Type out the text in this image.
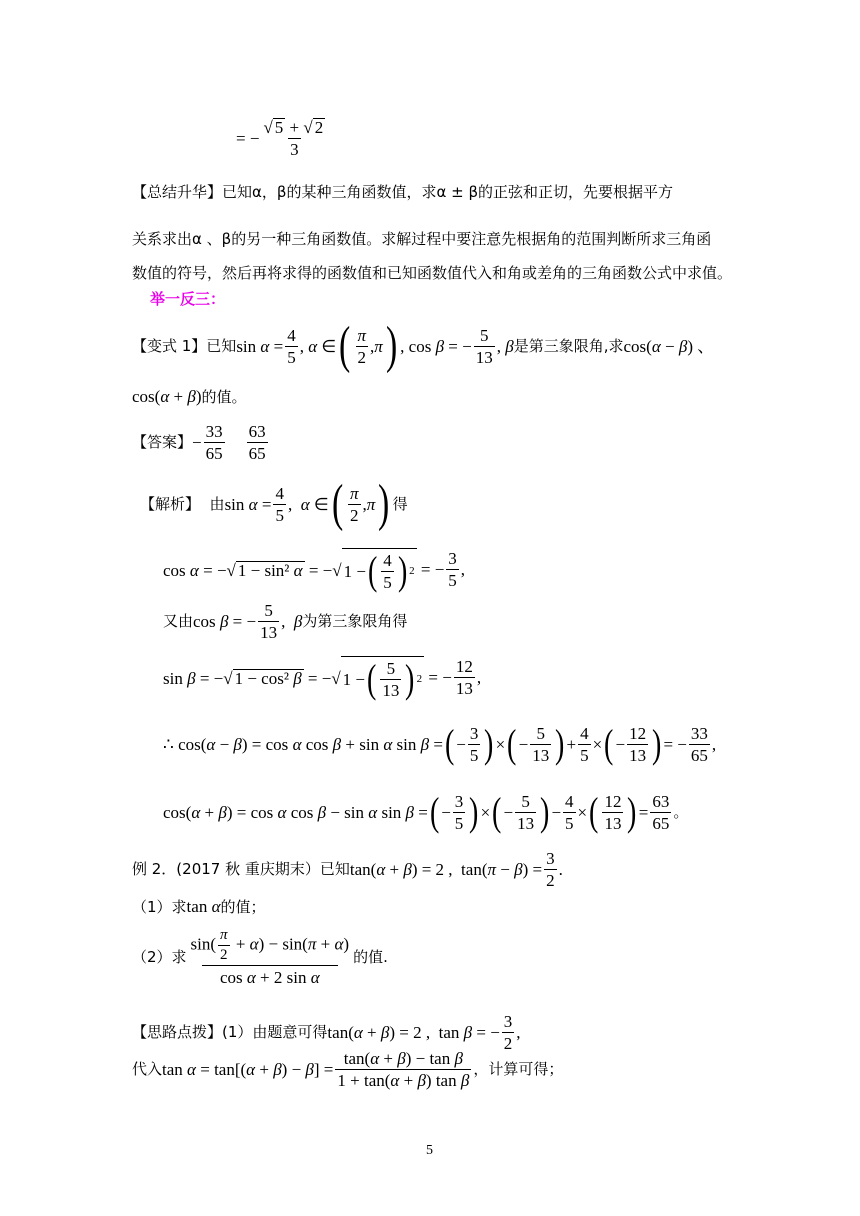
= − $\frac{√ 5 + √ 2}{3}$
【总结升华】已知α，β的某种三角函数值，求α ± β的正弦和正切，先要根据平方
关系求出α 、β的另一种三角函数值。求解过程中要注意先根据角的范围判断所求三角函
数值的符号，然后再将求得的函数值和已知函数值代入和角或差角的三角函数公式中求值。
举一反三：
【变式 1】已知 $\sin \alpha = \frac{4}{5}$ , α ∈ ( $\frac{\pi}{2} ,\pi$ ) , cos β = − $\frac{5}{13}$ , β 是第三象限角,求 cos(α − β) 、
cos(α + β)的值。
【答案】 − $\frac{33}{65} \frac{63}{65}$
【解析】 由 $\sin \alpha = \frac{4}{5}$ ,  α ∈ ( $\frac{\pi}{2} ,\pi$ ) 得
cos α = −√ 1 − sin² α = −√ 1 − ( $\frac{4}{5}$ ) 2 = − $\frac{3}{5}$ ,
又由 cos β = − $\frac{5}{13}$ ,  β 为第三象限角得
sin β = −√ 1 − cos² β = −√ 1 − ( $\frac{5}{13}$ ) 2 = − $\frac{12}{13}$ ,
∴ cos(α − β) = cos α cos β + sin α sin β = ( − $\frac{3}{5}$ ) × ( − $\frac{5}{13}$ ) + $\frac{4}{5}$ × ( − $\frac{12}{13}$ ) = − $\frac{33}{65}$ ,
cos(α + β) = cos α cos β − sin α sin β = ( − $\frac{3}{5}$ ) × ( − $\frac{5}{13}$ ) − $\frac{4}{5}$ × ( $\frac{12}{13}$ ) = $\frac{63}{65}$ 。
例 2．(2017 秋 重庆期末）已知 tan(α + β) = 2 ,  $\tan(\pi - \beta) = \frac{3}{2}$ .
（1）求tan α的值；
（2）求 $\frac{\sin( \frac{\pi}{2} + \alpha) - \sin(\pi + \alpha)}{\text{cos α + 2 sin α}}$ 的值.
【思路点拨】 (1）由题意可得 tan(α + β) = 2 ,  tan β = − $\frac{3}{2}$ ,
代入 $\tan \alpha = \tan[(\alpha + \beta) - \beta] = \frac{\text{tan(α + β) − tan β}}{\text{1 + tan(α + β) tan β}}$ ，计算可得；
5
